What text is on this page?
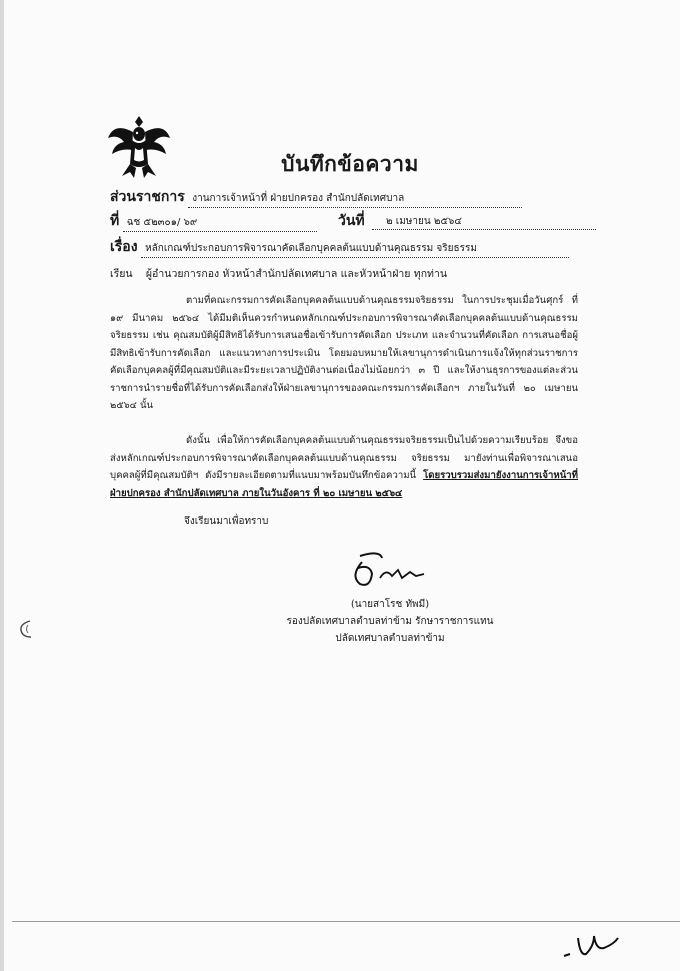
บันทึกข้อความ
ส่วนราชการ งานการเจ้าหน้าที่ ฝ่ายปกครอง สำนักปลัดเทศบาล
ที่ ฉช ๕๒๓๐๑/ ๖๙	วันที่	๒ เมษายน ๒๕๖๔
เรื่อง หลักเกณฑ์ประกอบการพิจารณาคัดเลือกบุคคลต้นแบบด้านคุณธรรม จริยธรรม
เรียน ผู้อำนวยการกอง หัวหน้าสำนักปลัดเทศบาล และหัวหน้าฝ่าย ทุกท่าน
ตามที่คณะกรรมการคัดเลือกบุคคลต้นแบบด้านคุณธรรมจริยธรรม ในการประชุมเมื่อวันศุกร์ ที่ ๑๙ มีนาคม ๒๕๖๔ ได้มีมติเห็นควรกำหนดหลักเกณฑ์ประกอบการพิจารณาคัดเลือกบุคคลต้นแบบด้านคุณธรรม จริยธรรม เช่น คุณสมบัติผู้มีสิทธิได้รับการเสนอชื่อเข้ารับการคัดเลือก ประเภท และจำนวนที่คัดเลือก การเสนอชื่อผู้มีสิทธิเข้ารับการคัดเลือก และแนวทางการประเมิน โดยมอบหมายให้เลขานุการดำเนินการแจ้งให้ทุกส่วนราชการคัดเลือกบุคคลผู้ที่มีคุณสมบัติและมีระยะเวลาปฏิบัติงานต่อเนื่องไม่น้อยกว่า ๓ ปี และให้งานธุรการของแต่ละส่วนราชการนำรายชื่อที่ได้รับการคัดเลือกส่งให้ฝ่ายเลขานุการของคณะกรรมการคัดเลือกฯ ภายในวันที่ ๒๐ เมษายน ๒๕๖๔ นั้น
ดังนั้น เพื่อให้การคัดเลือกบุคคลต้นแบบด้านคุณธรรมจริยธรรมเป็นไปด้วยความเรียบร้อย จึงขอส่งหลักเกณฑ์ประกอบการพิจารณาคัดเลือกบุคคลต้นแบบด้านคุณธรรม จริยธรรม มายังท่านเพื่อพิจารณาเสนอบุคคลผู้ที่มีคุณสมบัติฯ ดังมีรายละเอียดตามที่แนบมาพร้อมบันทึกข้อความนี้ โดยรวบรวมส่งมายังงานการเจ้าหน้าที่ ฝ่ายปกครอง สำนักปลัดเทศบาล ภายในวันอังคาร ที่ ๒๐ เมษายน ๒๕๖๔
จึงเรียนมาเพื่อทราบ
(นายสาโรช ทัพมี)
รองปลัดเทศบาลตำบลท่าข้าม รักษาราชการแทน
ปลัดเทศบาลตำบลท่าข้าม
